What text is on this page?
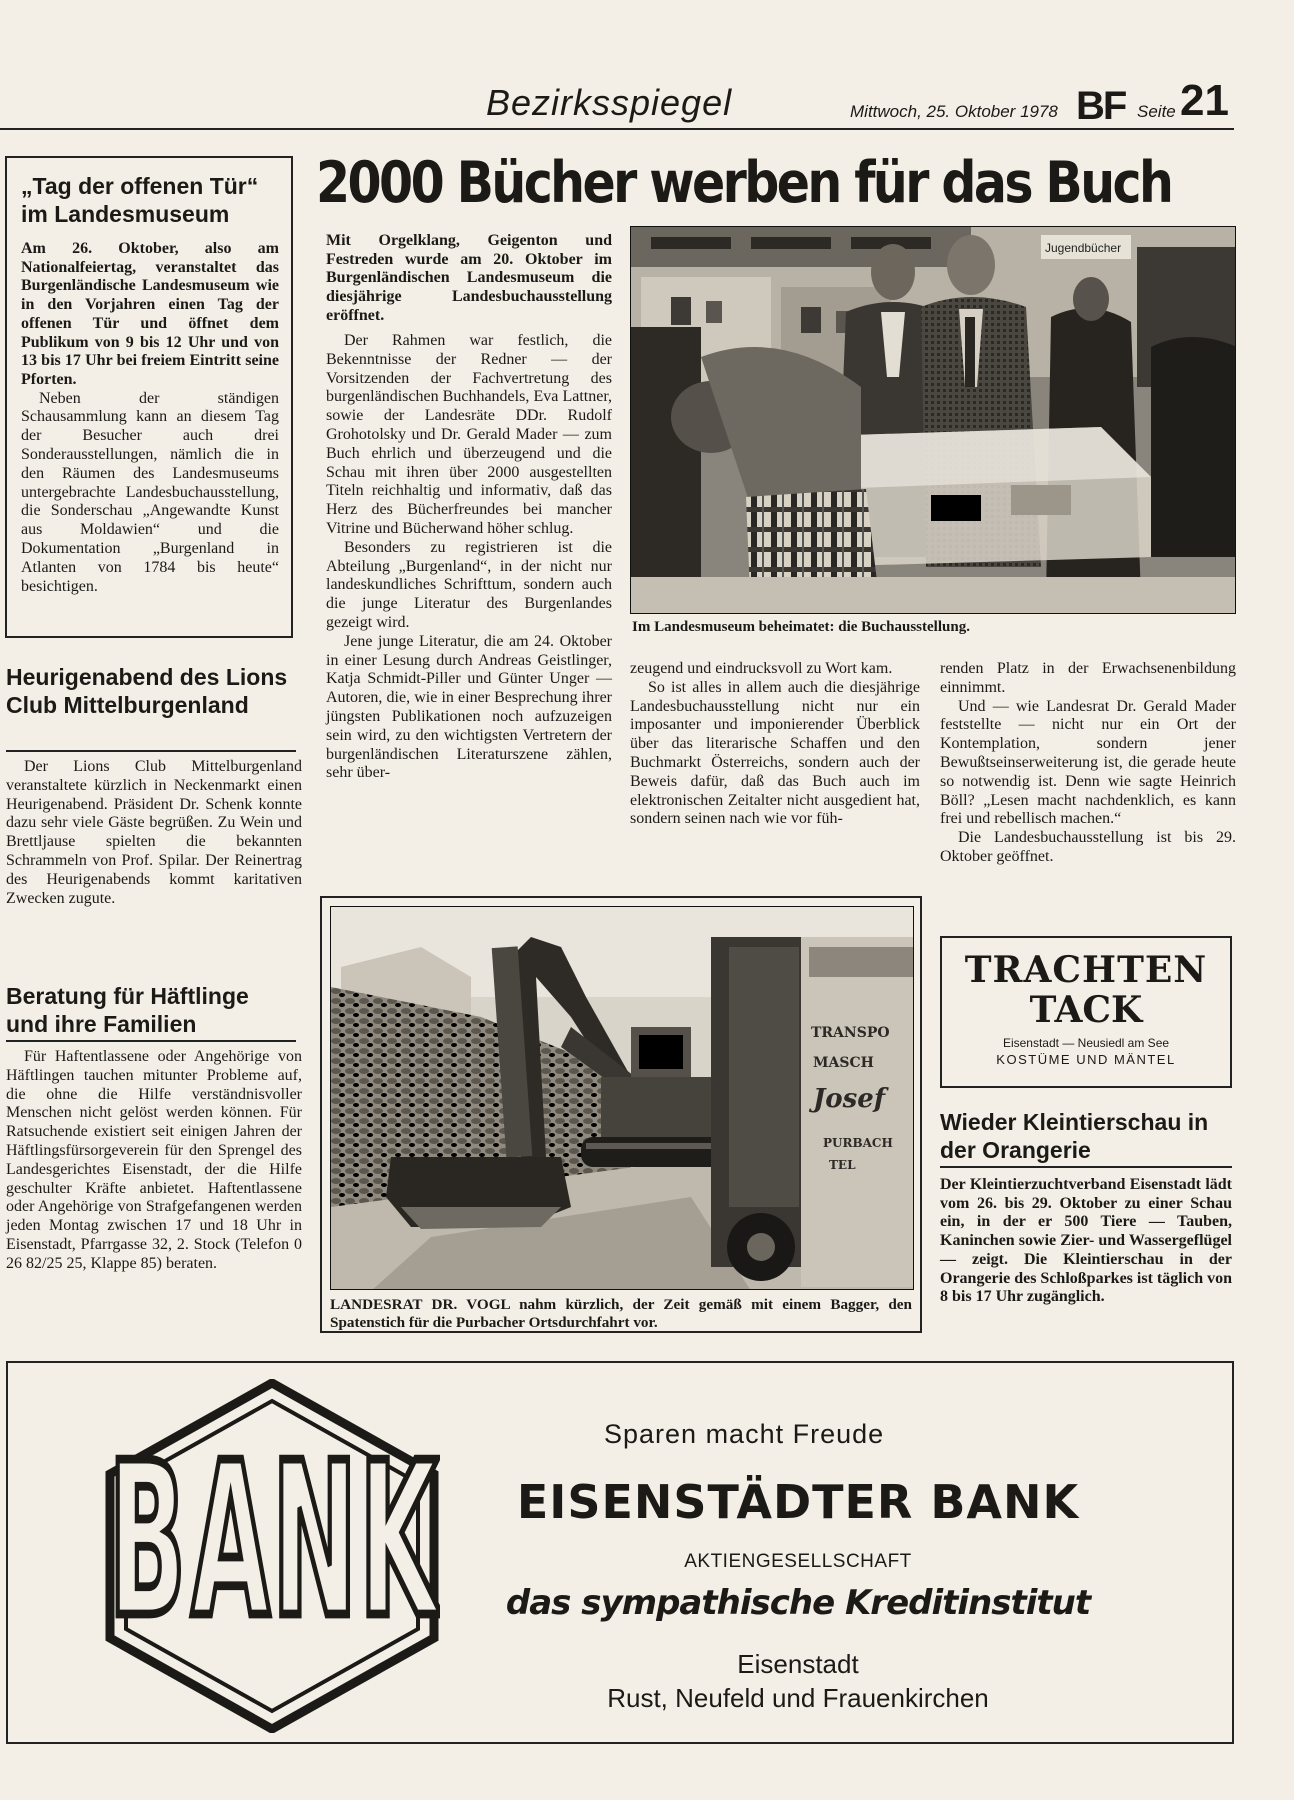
Bezirksspiegel	Mittwoch, 25. Oktober 1978 BF Seite 21
„Tag der offenen Tür“ im Landesmuseum

Am 26. Oktober, also am Nationalfeiertag, veranstaltet das Burgenländische Landesmuseum wie in den Vorjahren einen Tag der offenen Tür und öffnet dem Publikum von 9 bis 12 Uhr und von 13 bis 17 Uhr bei freiem Eintritt seine Pforten.

Neben der ständigen Schausammlung kann an diesem Tag der Besucher auch drei Sonderausstellungen, nämlich die in den Räumen des Landesmuseums untergebrachte Landesbuchausstellung, die Sonderschau „Angewandte Kunst aus Moldawien“ und die Dokumentation „Burgenland in Atlanten von 1784 bis heute“ besichtigen.

Heurigenabend des Lions Club Mittelburgenland

Der Lions Club Mittelburgenland veranstaltete kürzlich in Neckenmarkt einen Heurigenabend. Präsident Dr. Schenk konnte dazu sehr viele Gäste begrüßen. Zu Wein und Brettljause spielten die bekannten Schrammeln von Prof. Spilar. Der Reinertrag des Heurigenabends kommt karitativen Zwecken zugute.

Beratung für Häftlinge und ihre Familien

Für Haftentlassene oder Angehörige von Häftlingen tauchen mitunter Probleme auf, die ohne die Hilfe verständnisvoller Menschen nicht gelöst werden können. Für Ratsuchende existiert seit einigen Jahren der Häftlingsfürsorgeverein für den Sprengel des Landesgerichtes Eisenstadt, der die Hilfe geschulter Kräfte anbietet. Haftentlassene oder Angehörige von Strafgefangenen werden jeden Montag zwischen 17 und 18 Uhr in Eisenstadt, Pfarrgasse 32, 2. Stock (Telefon 0 26 82/25 25, Klappe 85) beraten.

2000 Bücher werben für das Buch

Mit Orgelklang, Geigenton und Festreden wurde am 20. Oktober im Burgenländischen Landesmuseum die diesjährige Landesbuchausstellung eröffnet.

Der Rahmen war festlich, die Bekenntnisse der Redner — der Vorsitzenden der Fachvertretung des burgenländischen Buchhandels, Eva Lattner, sowie der Landesräte DDr. Rudolf Grohotolsky und Dr. Gerald Mader — zum Buch ehrlich und überzeugend und die Schau mit ihren über 2000 ausgestellten Titeln reichhaltig und informativ, daß das Herz des Bücherfreundes bei mancher Vitrine und Bücherwand höher schlug.

Besonders zu registrieren ist die Abteilung „Burgenland“, in der nicht nur landeskundliches Schrifttum, sondern auch die junge Literatur des Burgenlandes gezeigt wird.

Jene junge Literatur, die am 24. Oktober in einer Lesung durch Andreas Geistlinger, Katja Schmidt-Piller und Günter Unger — Autoren, die, wie in einer Besprechung ihrer jüngsten Publikationen noch aufzuzeigen sein wird, zu den wichtigsten Vertretern der burgenländischen Literaturszene zählen, sehr über-

Jugendbücher
Im Landesmuseum beheimatet: die Buchausstellung.

zeugend und eindrucksvoll zu Wort kam.

So ist alles in allem auch die diesjährige Landesbuchausstellung nicht nur ein imposanter und imponierender Überblick über das literarische Schaffen und den Buchmarkt Österreichs, sondern auch der Beweis dafür, daß das Buch auch im elektronischen Zeitalter nicht ausgedient hat, sondern seinen nach wie vor füh-

renden Platz in der Erwachsenenbildung einnimmt.

Und — wie Landesrat Dr. Gerald Mader feststellte — nicht nur ein Ort der Kontemplation, sondern jener Bewußtseinserweiterung ist, die gerade heute so notwendig ist. Denn wie sagte Heinrich Böll? „Lesen macht nachdenklich, es kann frei und rebellisch machen.“

Die Landesbuchausstellung ist bis 29. Oktober geöffnet.

TRANSPO
MASCH
Josef
PURBACH
TEL

LANDESRAT DR. VOGL nahm kürzlich, der Zeit gemäß mit einem Bagger, den Spatenstich für die Purbacher Ortsdurchfahrt vor.

TRACHTEN
TACK
Eisenstadt — Neusiedl am See
KOSTÜME UND MÄNTEL
Wieder Kleintierschau in der Orangerie

Der Kleintierzuchtverband Eisenstadt lädt vom 26. bis 29. Oktober zu einer Schau ein, in der er 500 Tiere — Tauben, Kaninchen sowie Zier- und Wassergeflügel — zeigt. Die Kleintierschau in der Orangerie des Schloßparkes ist täglich von 8 bis 17 Uhr zugänglich.

B A N K	Sparen macht Freude
EISENSTÄDTER BANK
AKTIENGESELLSCHAFT
das sympathische Kreditinstitut
Eisenstadt
Rust, Neufeld und Frauenkirchen
